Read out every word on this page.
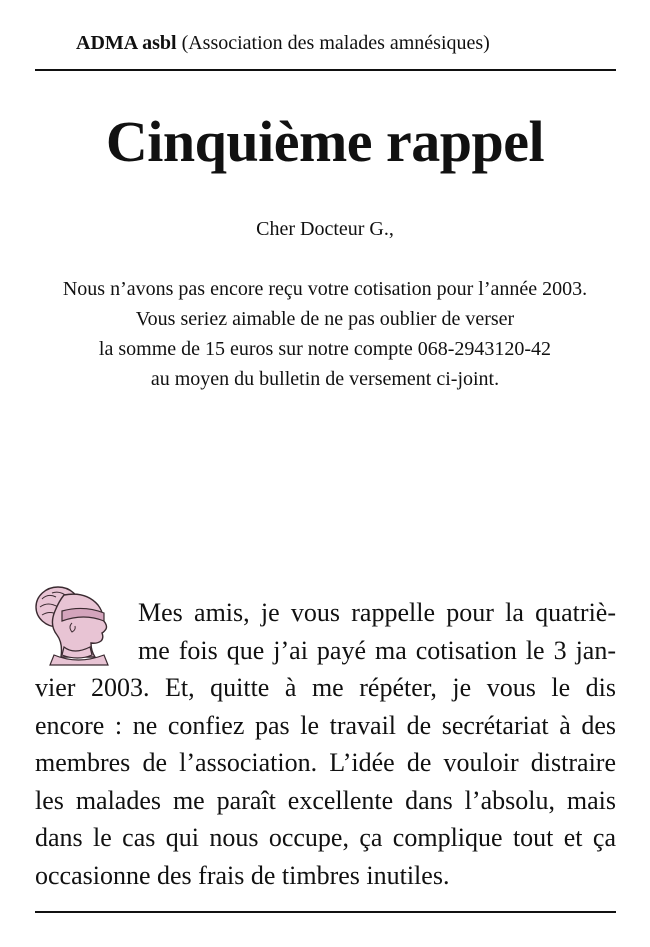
ADMA asbl (Association des malades amnésiques)
Cinquième rappel
Cher Docteur G.,
Nous n’avons pas encore reçu votre cotisation pour l’année 2003.
Vous seriez aimable de ne pas oublier de verser
la somme de 15 euros sur notre compte 068-2943120-42
au moyen du bulletin de versement ci-joint.
Mes amis, je vous rappelle pour la quatriè-
me fois que j’ai payé ma cotisation le 3 jan-
vier 2003. Et, quitte à me répéter, je vous le dis
encore : ne confiez pas le travail de secrétariat à des
membres de l’association. L’idée de vouloir distraire
les malades me paraît excellente dans l’absolu, mais
dans le cas qui nous occupe, ça complique tout et ça
occasionne des frais de timbres inutiles.
